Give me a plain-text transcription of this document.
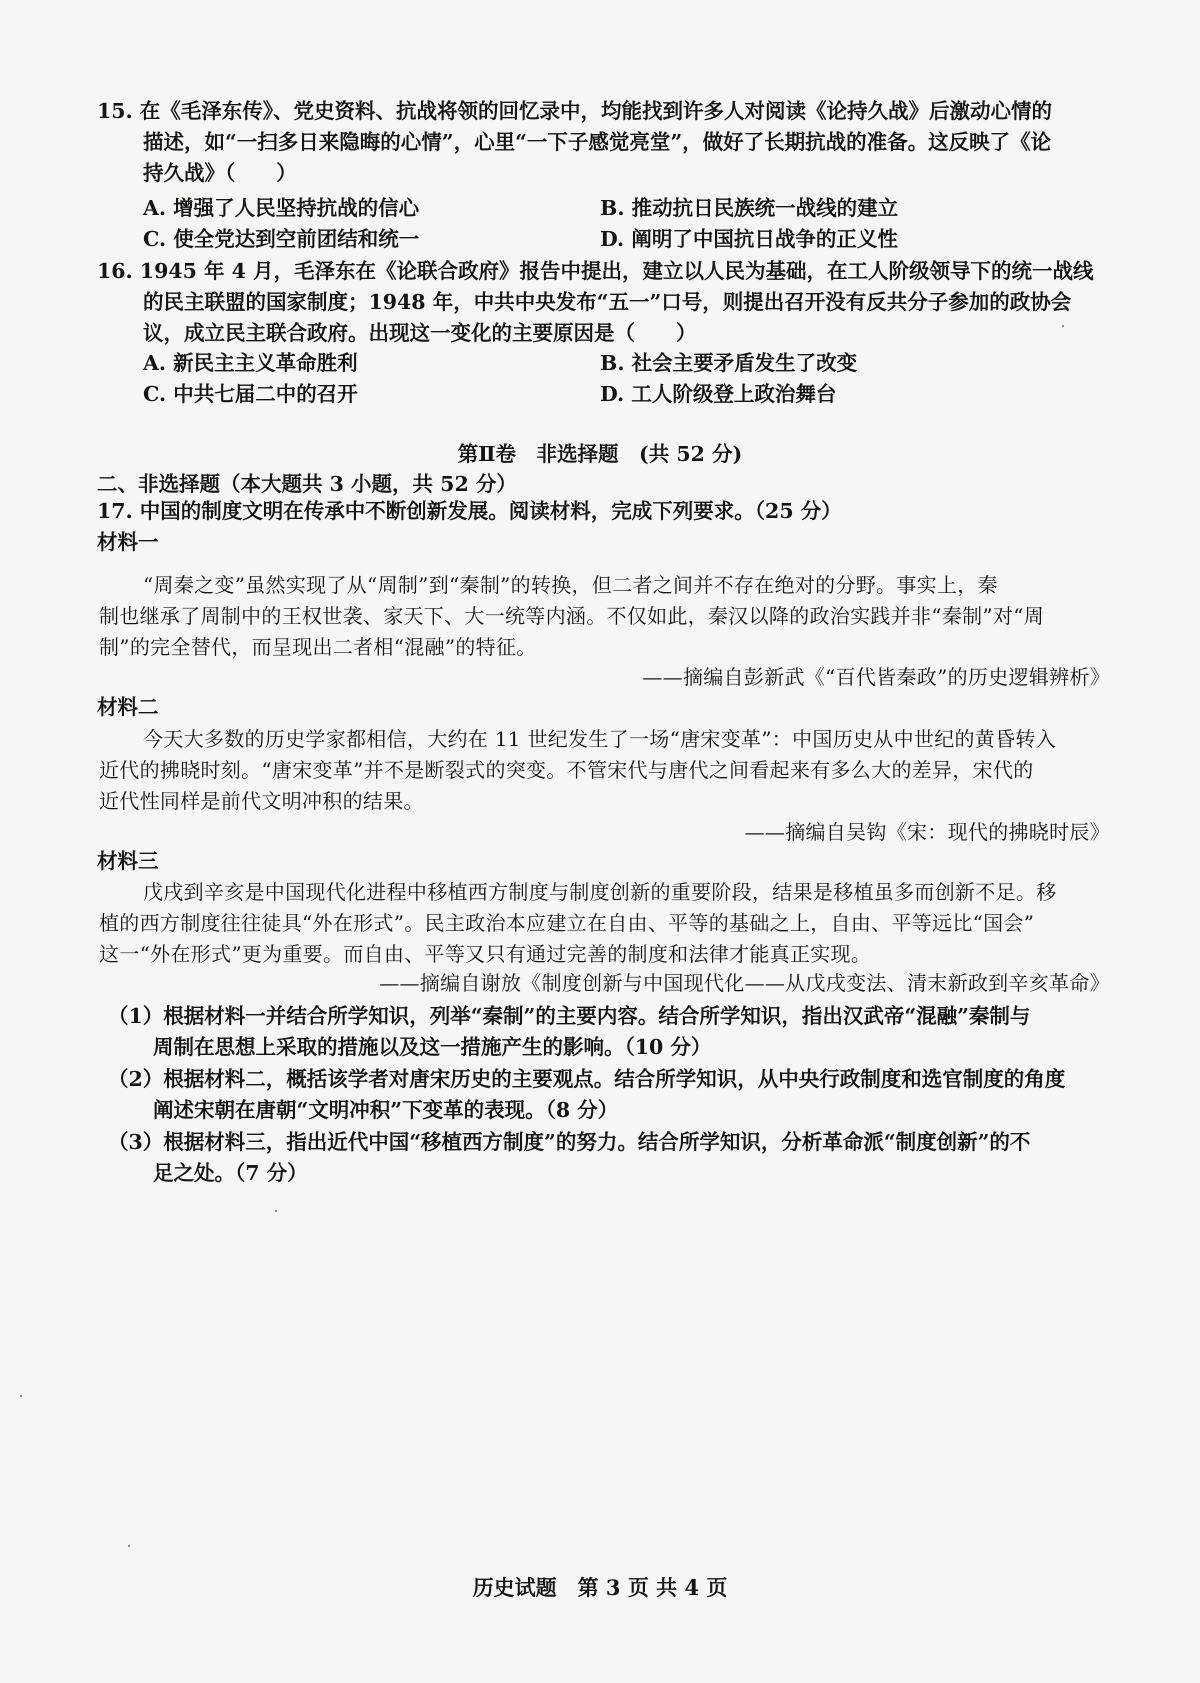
15. 在《毛泽东传》、党史资料、抗战将领的回忆录中，均能找到许多人对阅读《论持久战》后激动心情的
描述，如“一扫多日来隐晦的心情”，心里“一下子感觉亮堂”，做好了长期抗战的准备。这反映了《论
持久战》（　　）
A. 增强了人民坚持抗战的信心	B. 推动抗日民族统一战线的建立
C. 使全党达到空前团结和统一	D. 阐明了中国抗日战争的正义性
16. 1945 年 4 月，毛泽东在《论联合政府》报告中提出，建立以人民为基础，在工人阶级领导下的统一战线
的民主联盟的国家制度；1948 年，中共中央发布“五一”口号，则提出召开没有反共分子参加的政协会
议，成立民主联合政府。出现这一变化的主要原因是（　　）
A. 新民主主义革命胜利	B. 社会主要矛盾发生了改变
C. 中共七届二中的召开	D. 工人阶级登上政治舞台
第Ⅱ卷　非选择题　(共 52 分)
二、非选择题（本大题共 3 小题，共 52 分）
17. 中国的制度文明在传承中不断创新发展。阅读材料，完成下列要求。（25 分）
材料一
“周秦之变”虽然实现了从“周制”到“秦制”的转换，但二者之间并不存在绝对的分野。事实上，秦
制也继承了周制中的王权世袭、家天下、大一统等内涵。不仅如此，秦汉以降的政治实践并非“秦制”对“周
制”的完全替代，而呈现出二者相“混融”的特征。
——摘编自彭新武《“百代皆秦政”的历史逻辑辨析》
材料二
今天大多数的历史学家都相信，大约在 11 世纪发生了一场“唐宋变革”：中国历史从中世纪的黄昏转入
近代的拂晓时刻。“唐宋变革”并不是断裂式的突变。不管宋代与唐代之间看起来有多么大的差异，宋代的
近代性同样是前代文明冲积的结果。
——摘编自吴钩《宋：现代的拂晓时辰》
材料三
戊戌到辛亥是中国现代化进程中移植西方制度与制度创新的重要阶段，结果是移植虽多而创新不足。移
植的西方制度往往徒具“外在形式”。民主政治本应建立在自由、平等的基础之上，自由、平等远比“国会”
这一“外在形式”更为重要。而自由、平等又只有通过完善的制度和法律才能真正实现。
——摘编自谢放《制度创新与中国现代化——从戊戌变法、清末新政到辛亥革命》
（1）根据材料一并结合所学知识，列举“秦制”的主要内容。结合所学知识，指出汉武帝“混融”秦制与
周制在思想上采取的措施以及这一措施产生的影响。（10 分）
（2）根据材料二，概括该学者对唐宋历史的主要观点。结合所学知识，从中央行政制度和选官制度的角度
阐述宋朝在唐朝“文明冲积”下变革的表现。（8 分）
（3）根据材料三，指出近代中国“移植西方制度”的努力。结合所学知识，分析革命派“制度创新”的不
足之处。（7 分）
历史试题　第 3 页 共 4 页
